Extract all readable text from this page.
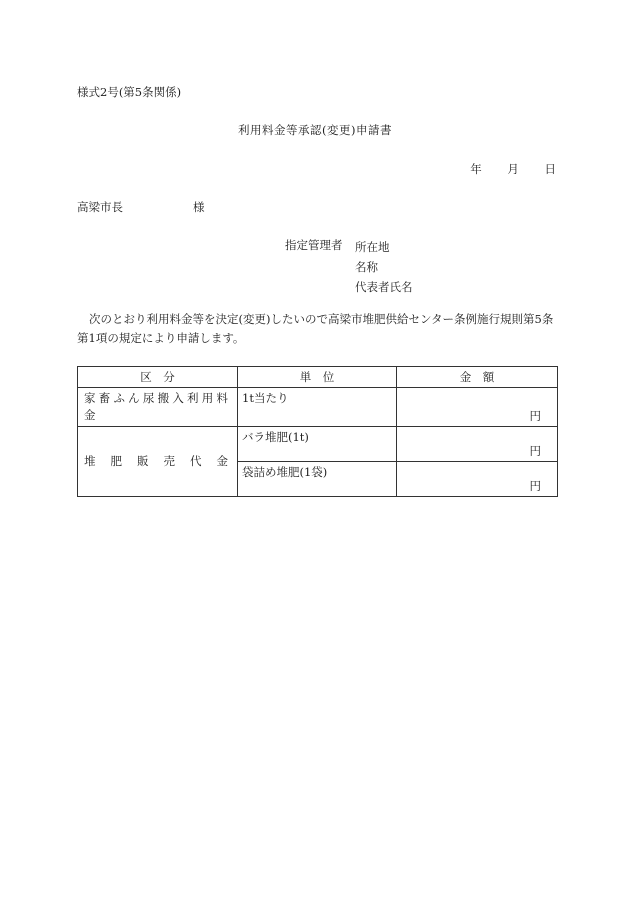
様式2号(第5条関係)
利用料金等承認(変更)申請書
年 月 日
高梁市長	様
指定管理者 所在地
名称
代表者氏名
次のとおり利用料金等を決定(変更)したいので高梁市堆肥供給センター条例施行規則第5条第1項の規定により申請します。
区　分	単　位	金　額
家畜ふん尿搬入利用料金	1t当たり	円

堆肥販売代金	バラ堆肥(1t)	円

	袋詰め堆肥(1袋)	円
